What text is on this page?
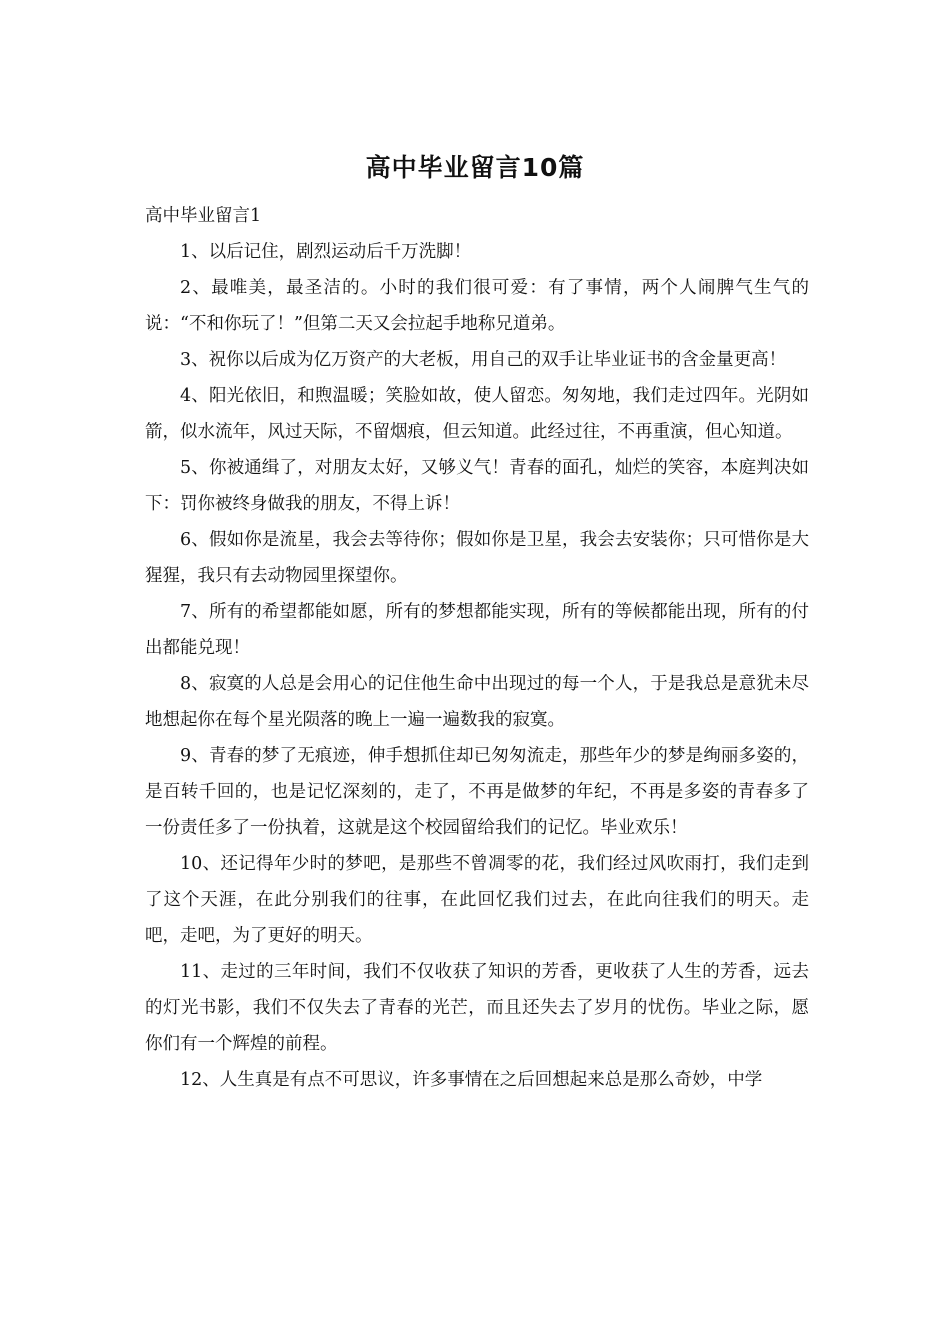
高中毕业留言10篇

高中毕业留言1

1、以后记住，剧烈运动后千万洗脚！

2、最唯美，最圣洁的。小时的我们很可爱：有了事情，两个人闹脾气生气的说：“不和你玩了！”但第二天又会拉起手地称兄道弟。

3、祝你以后成为亿万资产的大老板，用自己的双手让毕业证书的含金量更高！

4、阳光依旧，和煦温暖；笑脸如故，使人留恋。匆匆地，我们走过四年。光阴如箭，似水流年，风过天际，不留烟痕，但云知道。此经过往，不再重演，但心知道。

5、你被通缉了，对朋友太好，又够义气！青春的面孔，灿烂的笑容，本庭判决如下：罚你被终身做我的朋友，不得上诉！

6、假如你是流星，我会去等待你；假如你是卫星，我会去安装你；只可惜你是大猩猩，我只有去动物园里探望你。

7、所有的希望都能如愿，所有的梦想都能实现，所有的等候都能出现，所有的付出都能兑现！

8、寂寞的人总是会用心的记住他生命中出现过的每一个人，于是我总是意犹未尽地想起你在每个星光陨落的晚上一遍一遍数我的寂寞。

9、青春的梦了无痕迹，伸手想抓住却已匆匆流走，那些年少的梦是绚丽多姿的，是百转千回的，也是记忆深刻的，走了，不再是做梦的年纪，不再是多姿的青春多了一份责任多了一份执着，这就是这个校园留给我们的记忆。毕业欢乐！

10、还记得年少时的梦吧，是那些不曾凋零的花，我们经过风吹雨打，我们走到了这个天涯，在此分别我们的往事，在此回忆我们过去，在此向往我们的明天。走吧，走吧，为了更好的明天。

11、走过的三年时间，我们不仅收获了知识的芳香，更收获了人生的芳香，远去的灯光书影，我们不仅失去了青春的光芒，而且还失去了岁月的忧伤。毕业之际，愿你们有一个辉煌的前程。

12、人生真是有点不可思议，许多事情在之后回想起来总是那么奇妙，中学
